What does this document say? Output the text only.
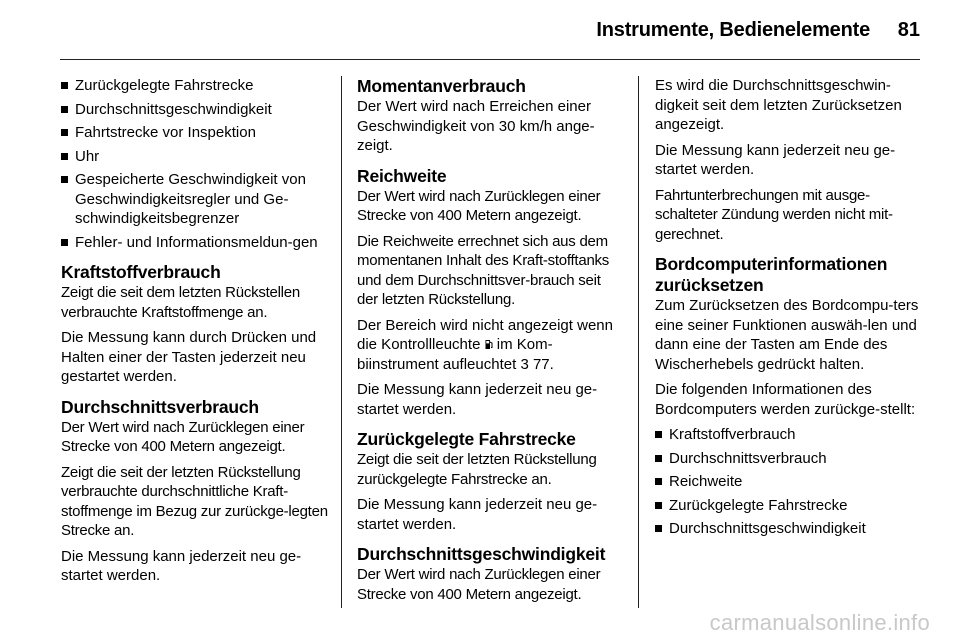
Instrumente, Bedienelemente	81
Zurückgelegte Fahrstrecke
Durchschnittsgeschwindigkeit
Fahrtstrecke vor Inspektion
Uhr
Gespeicherte Geschwindigkeit von Geschwindigkeitsregler und Ge-schwindigkeitsbegrenzer
Fehler- und Informationsmeldun-gen
Kraftstoffverbrauch

Zeigt die seit dem letzten Rückstellen verbrauchte Kraftstoffmenge an.

Die Messung kann durch Drücken und Halten einer der Tasten jederzeit neu gestartet werden.

Durchschnittsverbrauch

Der Wert wird nach Zurücklegen einer Strecke von 400 Metern angezeigt.

Zeigt die seit der letzten Rückstellung verbrauchte durchschnittliche Kraft-stoffmenge im Bezug zur zurückge-legten Strecke an.

Die Messung kann jederzeit neu ge-startet werden.

Momentanverbrauch

Der Wert wird nach Erreichen einer Geschwindigkeit von 30 km/h ange-zeigt.

Reichweite

Der Wert wird nach Zurücklegen einer Strecke von 400 Metern angezeigt.

Die Reichweite errechnet sich aus dem momentanen Inhalt des Kraft-stofftanks und dem Durchschnittsver-brauch seit der letzten Rückstellung.

Der Bereich wird nicht angezeigt wenn die Kontrollleuchte im Kom-biinstrument aufleuchtet 3 77.

Die Messung kann jederzeit neu ge-startet werden.

Zurückgelegte Fahrstrecke

Zeigt die seit der letzten Rückstellung zurückgelegte Fahrstrecke an.

Die Messung kann jederzeit neu ge-startet werden.

Durchschnittsgeschwindigkeit

Der Wert wird nach Zurücklegen einer Strecke von 400 Metern angezeigt.

Es wird die Durchschnittsgeschwin-digkeit seit dem letzten Zurücksetzen angezeigt.

Die Messung kann jederzeit neu ge-startet werden.

Fahrtunterbrechungen mit ausge-schalteter Zündung werden nicht mit-gerechnet.

Bordcomputerinformationen zurücksetzen

Zum Zurücksetzen des Bordcompu-ters eine seiner Funktionen auswäh-len und dann eine der Tasten am Ende des Wischerhebels gedrückt halten.

Die folgenden Informationen des Bordcomputers werden zurückge-stellt:

Kraftstoffverbrauch
Durchschnittsverbrauch
Reichweite
Zurückgelegte Fahrstrecke
Durchschnittsgeschwindigkeit
carmanualsonline.info
